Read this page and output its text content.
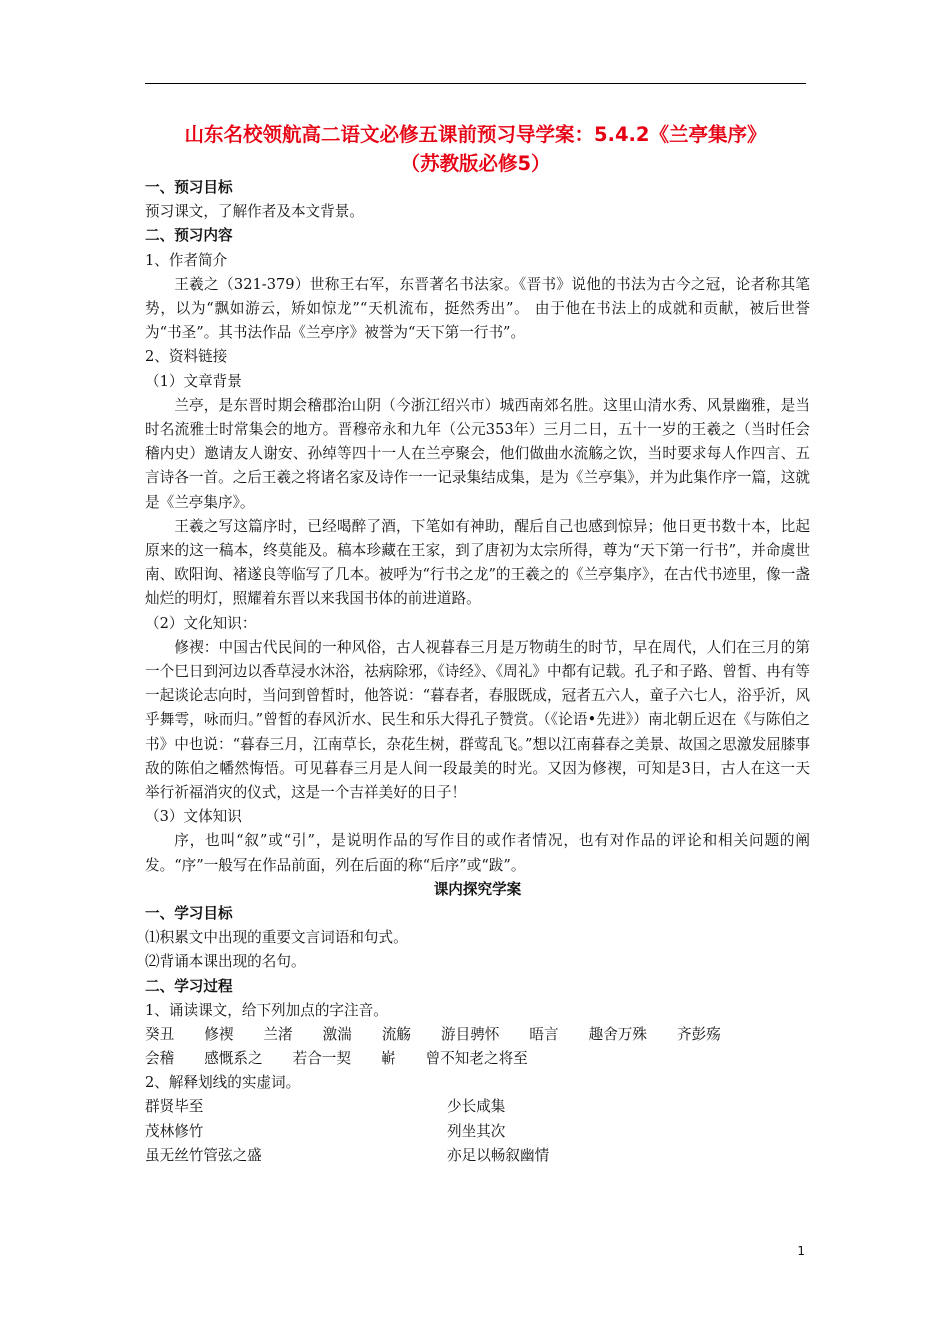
山东名校领航高二语文必修五课前预习导学案：5.4.2《兰亭集序》
（苏教版必修5）
一、预习目标
预习课文，了解作者及本文背景。
二、预习内容
1、作者简介
王羲之（321-379）世称王右军，东晋著名书法家。《晋书》说他的书法为古今之冠，论者称其笔势，以为“飘如游云，矫如惊龙”“天机流布，挺然秀出”。 由于他在书法上的成就和贡献，被后世誉为“书圣”。其书法作品《兰亭序》被誉为“天下第一行书”。
2、资料链接
（1）文章背景
兰亭，是东晋时期会稽郡治山阴（今浙江绍兴市）城西南郊名胜。这里山清水秀、风景幽雅，是当时名流雅士时常集会的地方。晋穆帝永和九年（公元353年）三月二日，五十一岁的王羲之（当时任会稽内史）邀请友人谢安、孙绰等四十一人在兰亭聚会，他们做曲水流觞之饮，当时要求每人作四言、五言诗各一首。之后王羲之将诸名家及诗作一一记录集结成集，是为《兰亭集》，并为此集作序一篇，这就是《兰亭集序》。
王羲之写这篇序时，已经喝醉了酒，下笔如有神助，醒后自己也感到惊异；他日更书数十本，比起原来的这一稿本，终莫能及。稿本珍藏在王家，到了唐初为太宗所得，尊为“天下第一行书”，并命虞世南、欧阳询、褚遂良等临写了几本。被呼为“行书之龙”的王羲之的《兰亭集序》，在古代书迹里，像一盏灿烂的明灯，照耀着东晋以来我国书体的前进道路。
（2）文化知识：
修禊：中国古代民间的一种风俗，古人视暮春三月是万物萌生的时节，早在周代，人们在三月的第一个巳日到河边以香草浸水沐浴，祛病除邪，《诗经》、《周礼》中都有记载。孔子和子路、曾皙、冉有等一起谈论志向时，当问到曾皙时，他答说：“暮春者，春服既成，冠者五六人，童子六七人，浴乎沂，风乎舞雩，咏而归。”曾皙的春风沂水、民生和乐大得孔子赞赏。（《论语•先进》）南北朝丘迟在《与陈伯之书》中也说：“暮春三月，江南草长，杂花生树，群莺乱飞。”想以江南暮春之美景、故国之思激发屈膝事敌的陈伯之幡然悔悟。可见暮春三月是人间一段最美的时光。又因为修禊，可知是3日，古人在这一天举行祈福消灾的仪式，这是一个吉祥美好的日子！
（3）文体知识
序，也叫“叙”或“引”，是说明作品的写作目的或作者情况，也有对作品的评论和相关问题的阐发。“序”一般写在作品前面，列在后面的称“后序”或“跋”。
课内探究学案
一、学习目标
⑴积累文中出现的重要文言词语和句式。
⑵背诵本课出现的名句。
二、学习过程
1、诵读课文，给下列加点的字注音。
癸丑 修禊 兰渚 激湍 流觞 游目骋怀 晤言 趣舍万殊 齐彭殇
会稽 感慨系之 若合一契 嶄 曾不知老之将至
2、解释划线的实虚词。
群贤毕至	少长咸集
茂林修竹	列坐其次
虽无丝竹管弦之盛	亦足以畅叙幽情
1
